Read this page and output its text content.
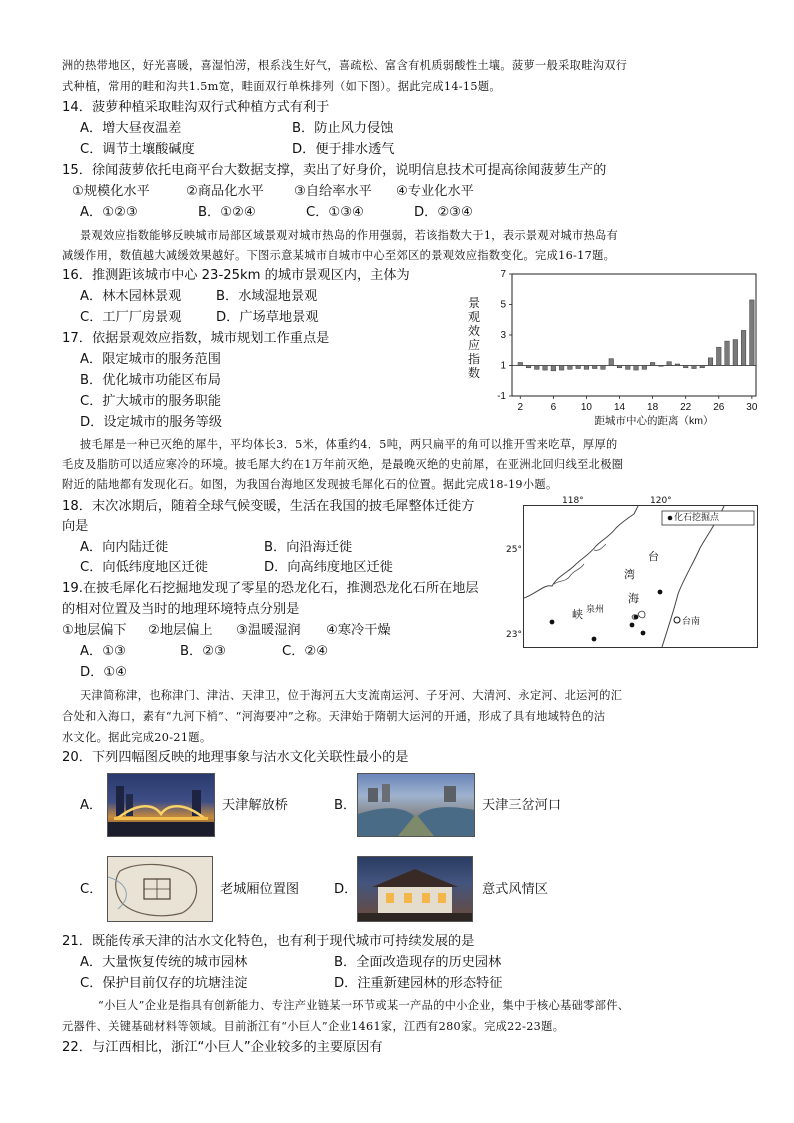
洲的热带地区，好光喜暖，喜湿怕涝，根系浅生好气，喜疏松、富含有机质弱酸性土壤。菠萝一般采取畦沟双行
式种植，常用的畦和沟共1.5m宽，畦面双行单株排列（如下图）。据此完成14-15题。
14．菠萝种植采取畦沟双行式种植方式有利于
A．增大昼夜温差	B．防止风力侵蚀
C．调节土壤酸碱度	D．便于排水透气
15．徐闻菠萝依托电商平台大数据支撑，卖出了好身价，说明信息技术可提高徐闻菠萝生产的
①规模化水平	②商品化水平 ③自给率水平 ④专业化水平
A．①②③	B．①②④	C．①③④	D．②③④
景观效应指数能够反映城市局部区域景观对城市热岛的作用强弱，若该指数大于1，表示景观对城市热岛有
减缓作用，数值越大减缓效果越好。下图示意某城市自城市中心至郊区的景观效应指数变化。完成16-17题。
16．推测距该城市中心 23-25km 的城市景观区内，主体为
A．林木园林景观	B．水域湿地景观
C．工厂厂房景观	D．广场草地景观
17．依据景观效应指数，城市规划工作重点是
A．限定城市的服务范围
B．优化城市功能区布局
C．扩大城市的服务职能
D．设定城市的服务等级
7
5
3
1
-1
2	6 10 14 18 22 26 30
距城市中心的距离（km）
景观效应指数
披毛犀是一种已灭绝的犀牛，平均体长3．5米，体重约4．5吨，两只扁平的角可以推开雪来吃草，厚厚的
毛皮及脂肪可以适应寒冷的环境。披毛犀大约在1万年前灭绝，是最晚灭绝的史前犀，在亚洲北回归线至北极圈
附近的陆地都有发现化石。如图，为我国台海地区发现披毛犀化石的位置。据此完成18-19小题。
18．末次冰期后，随着全球气候变暖，生活在我国的披毛犀整体迁徙方
向是
A．向内陆迁徙	B．向沿海迁徙
C．向低纬度地区迁徙	D．向高纬度地区迁徙
19.在披毛犀化石挖掘地发现了零星的恐龙化石，推测恐龙化石所在地层
的相对位置及当时的地理环境特点分别是
①地层偏下 ②地层偏上 ③温暖湿润 ④寒冷干燥
A．①③	B．②③	C．②④
D．①④
化石挖掘点
泉州
台
湾
海
峡
台南
118°	120°
25°
23°
天津简称津，也称津门、津沽、天津卫，位于海河五大支流南运河、子牙河、大清河、永定河、北运河的汇
合处和入海口，素有“九河下梢”、“河海要冲”之称。天津始于隋朝大运河的开通，形成了具有地域特色的沽
水文化。据此完成20-21题。
20．下列四幅图反映的地理事象与沽水文化关联性最小的是
A．	天津解放桥	B．	天津三岔河口
C．	老城厢位置图	D．	意式风情区
21．既能传承天津的沽水文化特色，也有利于现代城市可持续发展的是
A．大量恢复传统的城市园林	B．全面改造现存的历史园林
C．保护目前仅存的坑塘洼淀	D．注重新建园林的形态特征
“小巨人”企业是指具有创新能力、专注产业链某一环节或某一产品的中小企业，集中于核心基础零部件、
元器件、关键基础材料等领域。目前浙江有“小巨人”企业1461家，江西有280家。完成22-23题。
22．与江西相比，浙江“小巨人”企业较多的主要原因有
